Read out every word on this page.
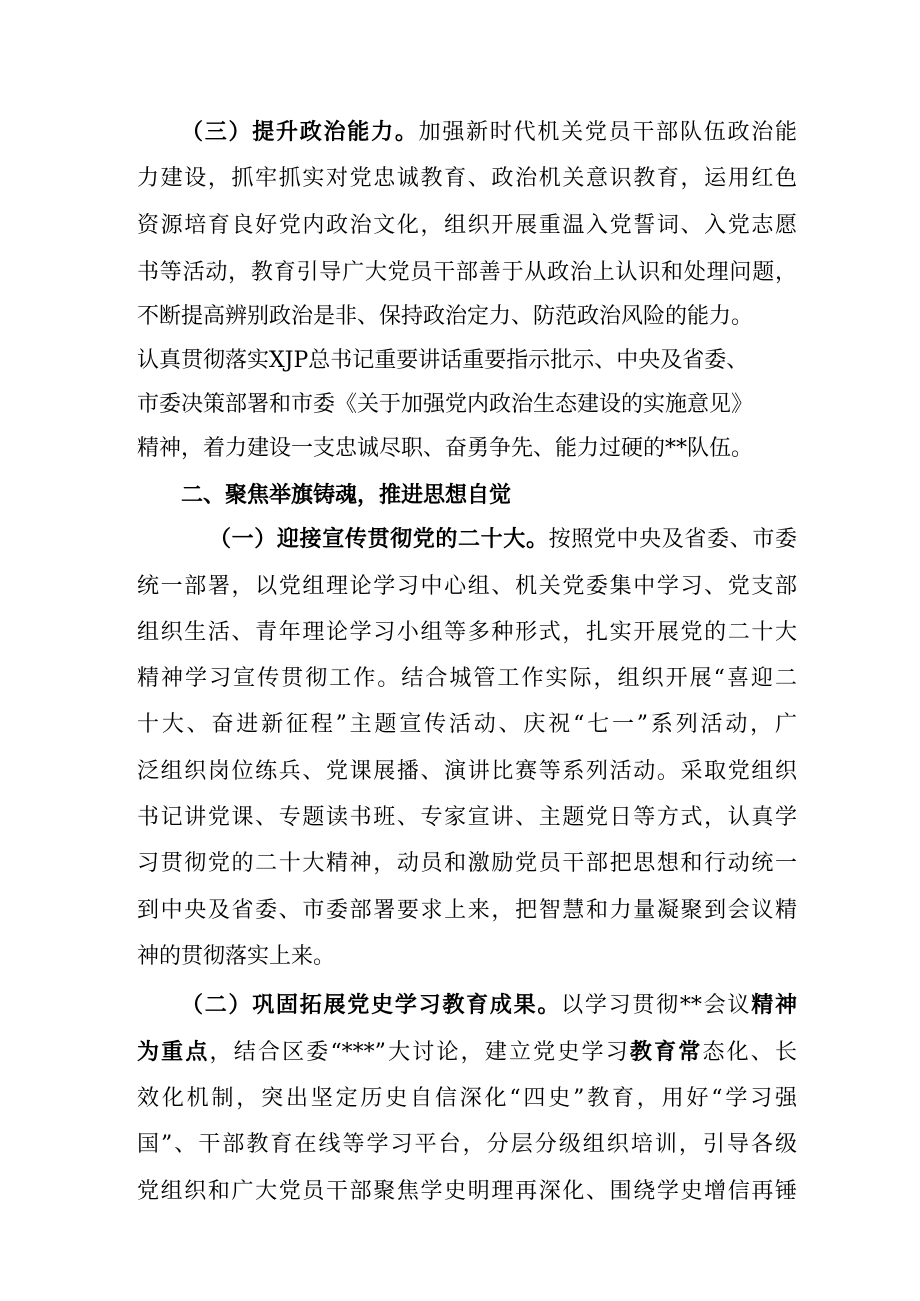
（三）提升政治能力。加强新时代机关党员干部队伍政治能
力建设，抓牢抓实对党忠诚教育、政治机关意识教育，运用红色
资源培育良好党内政治文化，组织开展重温入党誓词、入党志愿
书等活动，教育引导广大党员干部善于从政治上认识和处理问题，
不断提高辨别政治是非、保持政治定力、防范政治风险的能力。
认真贯彻落实XJP总书记重要讲话重要指示批示、中央及省委、
市委决策部署和市委《关于加强党内政治生态建设的实施意见》
精神，着力建设一支忠诚尽职、奋勇争先、能力过硬的**队伍。
二、聚焦举旗铸魂，推进思想自觉
（一）迎接宣传贯彻党的二十大。按照党中央及省委、市委
统一部署，以党组理论学习中心组、机关党委集中学习、党支部
组织生活、青年理论学习小组等多种形式，扎实开展党的二十大
精神学习宣传贯彻工作。结合城管工作实际，组织开展“喜迎二
十大、奋进新征程”主题宣传活动、庆祝“七一”系列活动，广
泛组织岗位练兵、党课展播、演讲比赛等系列活动。采取党组织
书记讲党课、专题读书班、专家宣讲、主题党日等方式，认真学
习贯彻党的二十大精神，动员和激励党员干部把思想和行动统一
到中央及省委、市委部署要求上来，把智慧和力量凝聚到会议精
神的贯彻落实上来。
（二）巩固拓展党史学习教育成果。以学习贯彻**会议精神
为重点，结合区委“***”大讨论，建立党史学习教育常态化、长
效化机制，突出坚定历史自信深化“四史”教育，用好“学习强
国”、干部教育在线等学习平台，分层分级组织培训，引导各级
党组织和广大党员干部聚焦学史明理再深化、围绕学史增信再锤
